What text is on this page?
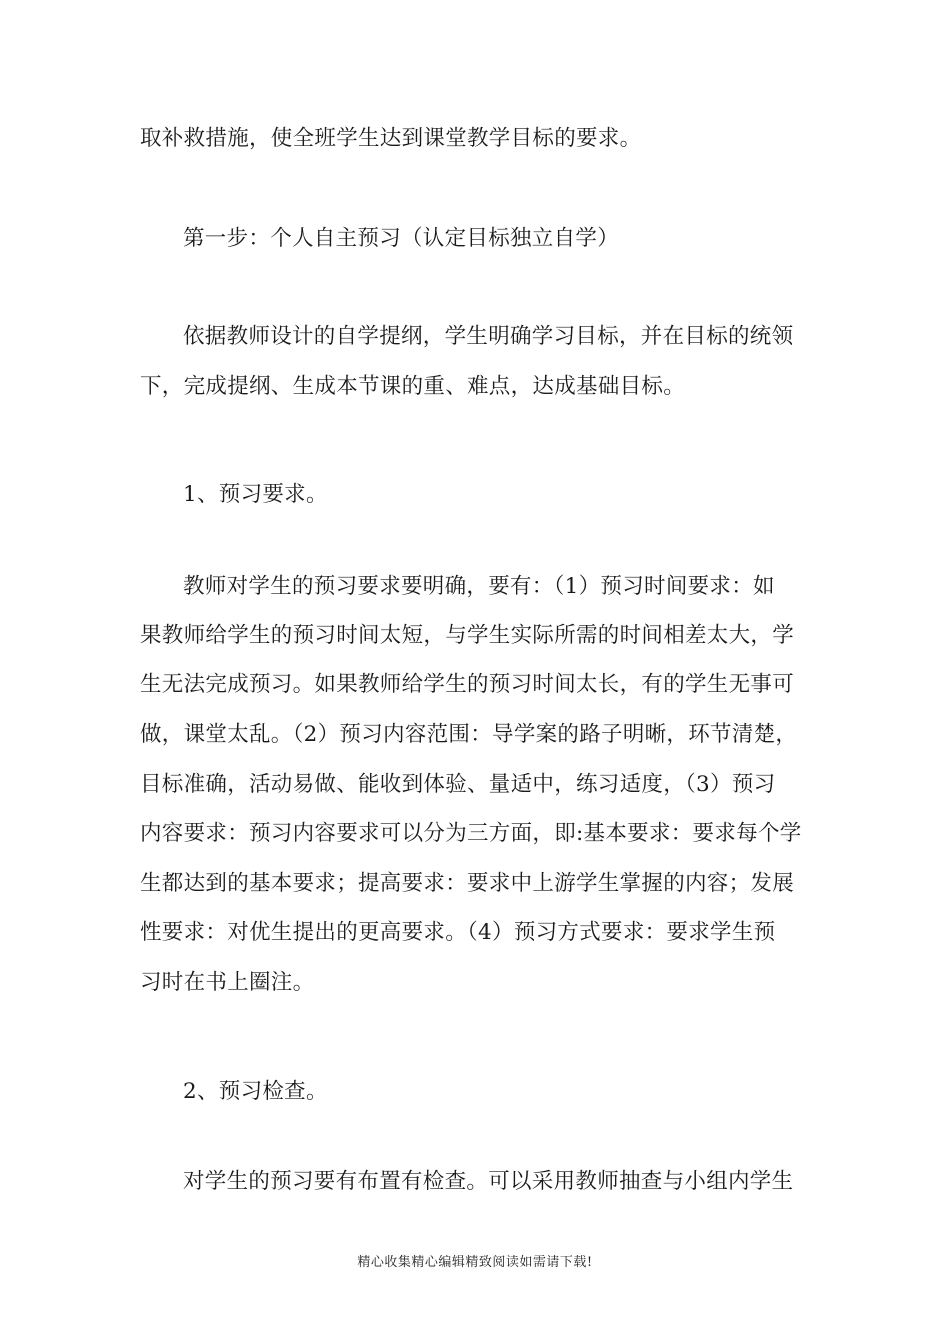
取补救措施，使全班学生达到课堂教学目标的要求。
第一步：个人自主预习（认定目标独立自学）
依据教师设计的自学提纲，学生明确学习目标，并在目标的统领
下，完成提纲、生成本节课的重、难点，达成基础目标。
1、预习要求。
教师对学生的预习要求要明确，要有：（1）预习时间要求：如
果教师给学生的预习时间太短，与学生实际所需的时间相差太大，学
生无法完成预习。如果教师给学生的预习时间太长，有的学生无事可
做，课堂太乱。（2）预习内容范围：导学案的路子明晰，环节清楚，
目标准确，活动易做、能收到体验、量适中，练习适度，（3）预习
内容要求：预习内容要求可以分为三方面，即:基本要求：要求每个学
生都达到的基本要求；提高要求：要求中上游学生掌握的内容；发展
性要求：对优生提出的更高要求。（4）预习方式要求：要求学生预
习时在书上圈注。
2、预习检查。
对学生的预习要有布置有检查。可以采用教师抽查与小组内学生
精心收集精心编辑精致阅读如需请下载!
